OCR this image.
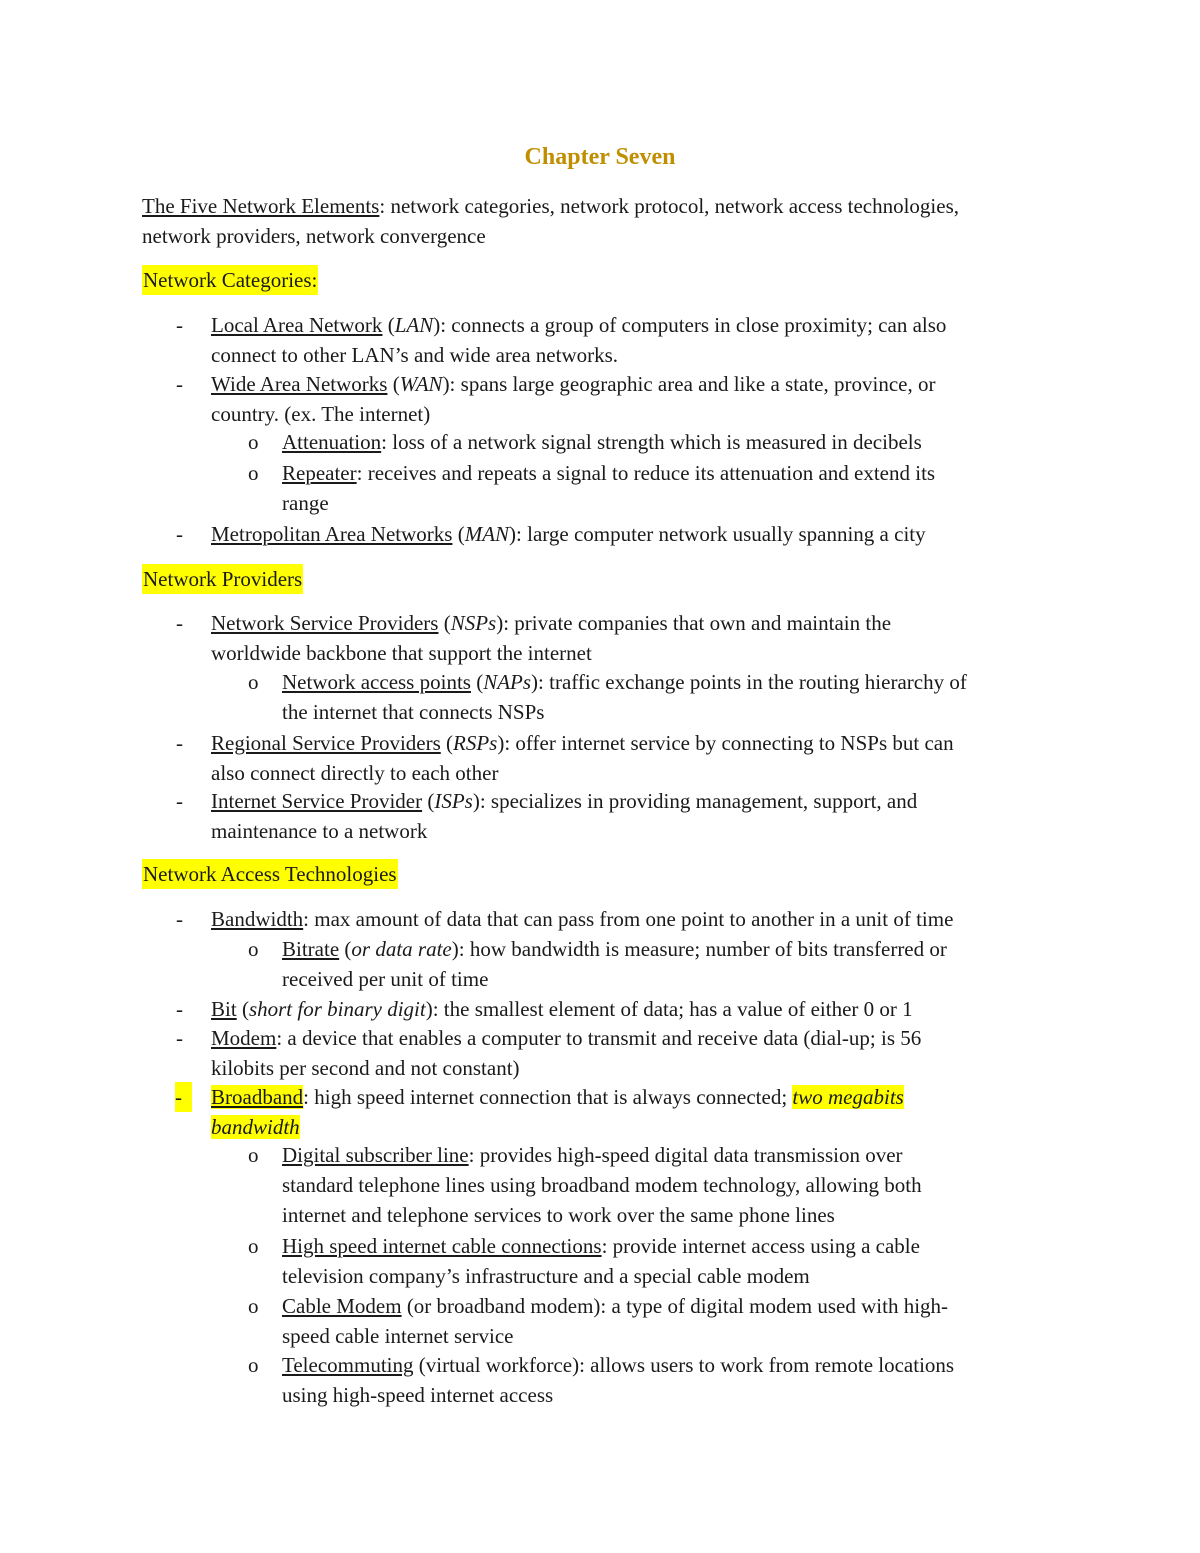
Chapter Seven
The Five Network Elements: network categories, network protocol, network access technologies,
network providers, network convergence
Network Categories:
- Local Area Network (LAN): connects a group of computers in close proximity; can also
connect to other LAN’s and wide area networks.
- Wide Area Networks (WAN): spans large geographic area and like a state, province, or
country. (ex. The internet)
o Attenuation: loss of a network signal strength which is measured in decibels
o Repeater: receives and repeats a signal to reduce its attenuation and extend its
range
- Metropolitan Area Networks (MAN): large computer network usually spanning a city
Network Providers
- Network Service Providers (NSPs): private companies that own and maintain the
worldwide backbone that support the internet
o Network access points (NAPs): traffic exchange points in the routing hierarchy of
the internet that connects NSPs
- Regional Service Providers (RSPs): offer internet service by connecting to NSPs but can
also connect directly to each other
- Internet Service Provider (ISPs): specializes in providing management, support, and
maintenance to a network
Network Access Technologies
- Bandwidth: max amount of data that can pass from one point to another in a unit of time
o Bitrate (or data rate): how bandwidth is measure; number of bits transferred or
received per unit of time
- Bit (short for binary digit): the smallest element of data; has a value of either 0 or 1
- Modem: a device that enables a computer to transmit and receive data (dial-up; is 56
kilobits per second and not constant)
-	Broadband: high speed internet connection that is always connected; two megabits
bandwidth
o Digital subscriber line: provides high-speed digital data transmission over
standard telephone lines using broadband modem technology, allowing both
internet and telephone services to work over the same phone lines
o High speed internet cable connections: provide internet access using a cable
television company’s infrastructure and a special cable modem
o Cable Modem (or broadband modem): a type of digital modem used with high-
speed cable internet service
o Telecommuting (virtual workforce): allows users to work from remote locations
using high-speed internet access
